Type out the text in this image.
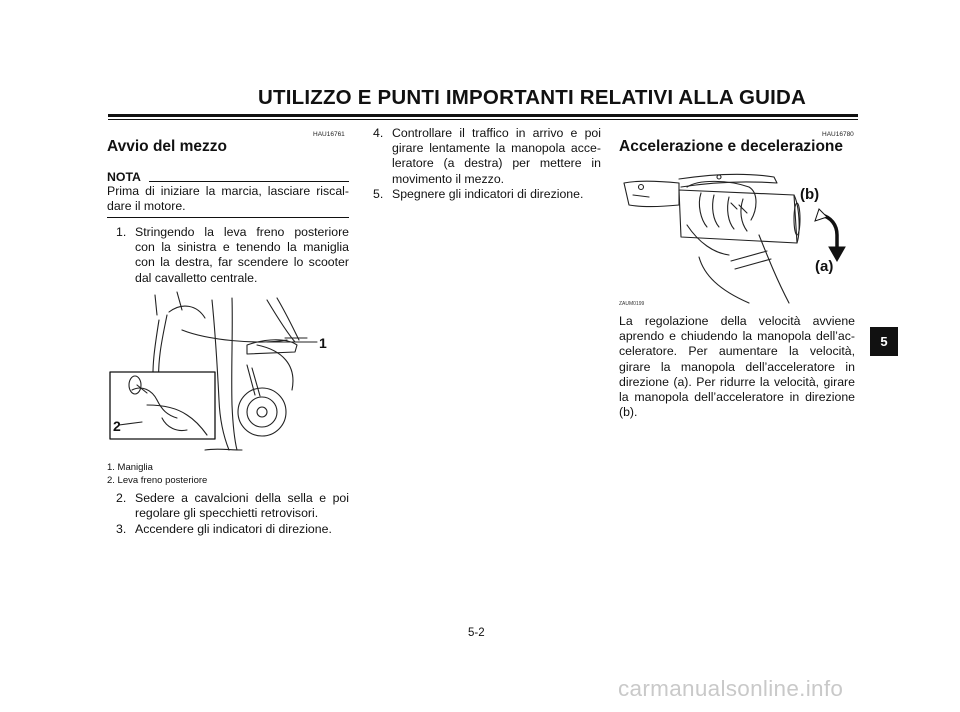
UTILIZZO E PUNTI IMPORTANTI RELATIVI ALLA GUIDA
HAU16761
Avvio del mezzo
NOTA
Prima di iniziare la marcia, lasciare riscal-
dare il motore.
1. Stringendo la leva freno posteriore
con la sinistra e tenendo la maniglia
con la destra, far scendere lo scooter
dal cavalletto centrale.
1
2
1. Maniglia
2. Leva freno posteriore
2. Sedere a cavalcioni della sella e poi
regolare gli specchietti retrovisori.
3. Accendere gli indicatori di direzione.
4. Controllare il traffico in arrivo e poi
girare lentamente la manopola acce-
leratore (a destra) per mettere in
movimento il mezzo.
5. Spegnere gli indicatori di direzione.
HAU16780
Accelerazione e decelerazione
(b)
(a)
ZAUM0199
La regolazione della velocità avviene
aprendo e chiudendo la manopola dell’ac-
celeratore. Per aumentare la velocità,
girare la manopola dell’acceleratore in
direzione (a). Per ridurre la velocità, girare
la manopola dell’acceleratore in direzione
(b).
5
5-2
carmanualsonline.info
